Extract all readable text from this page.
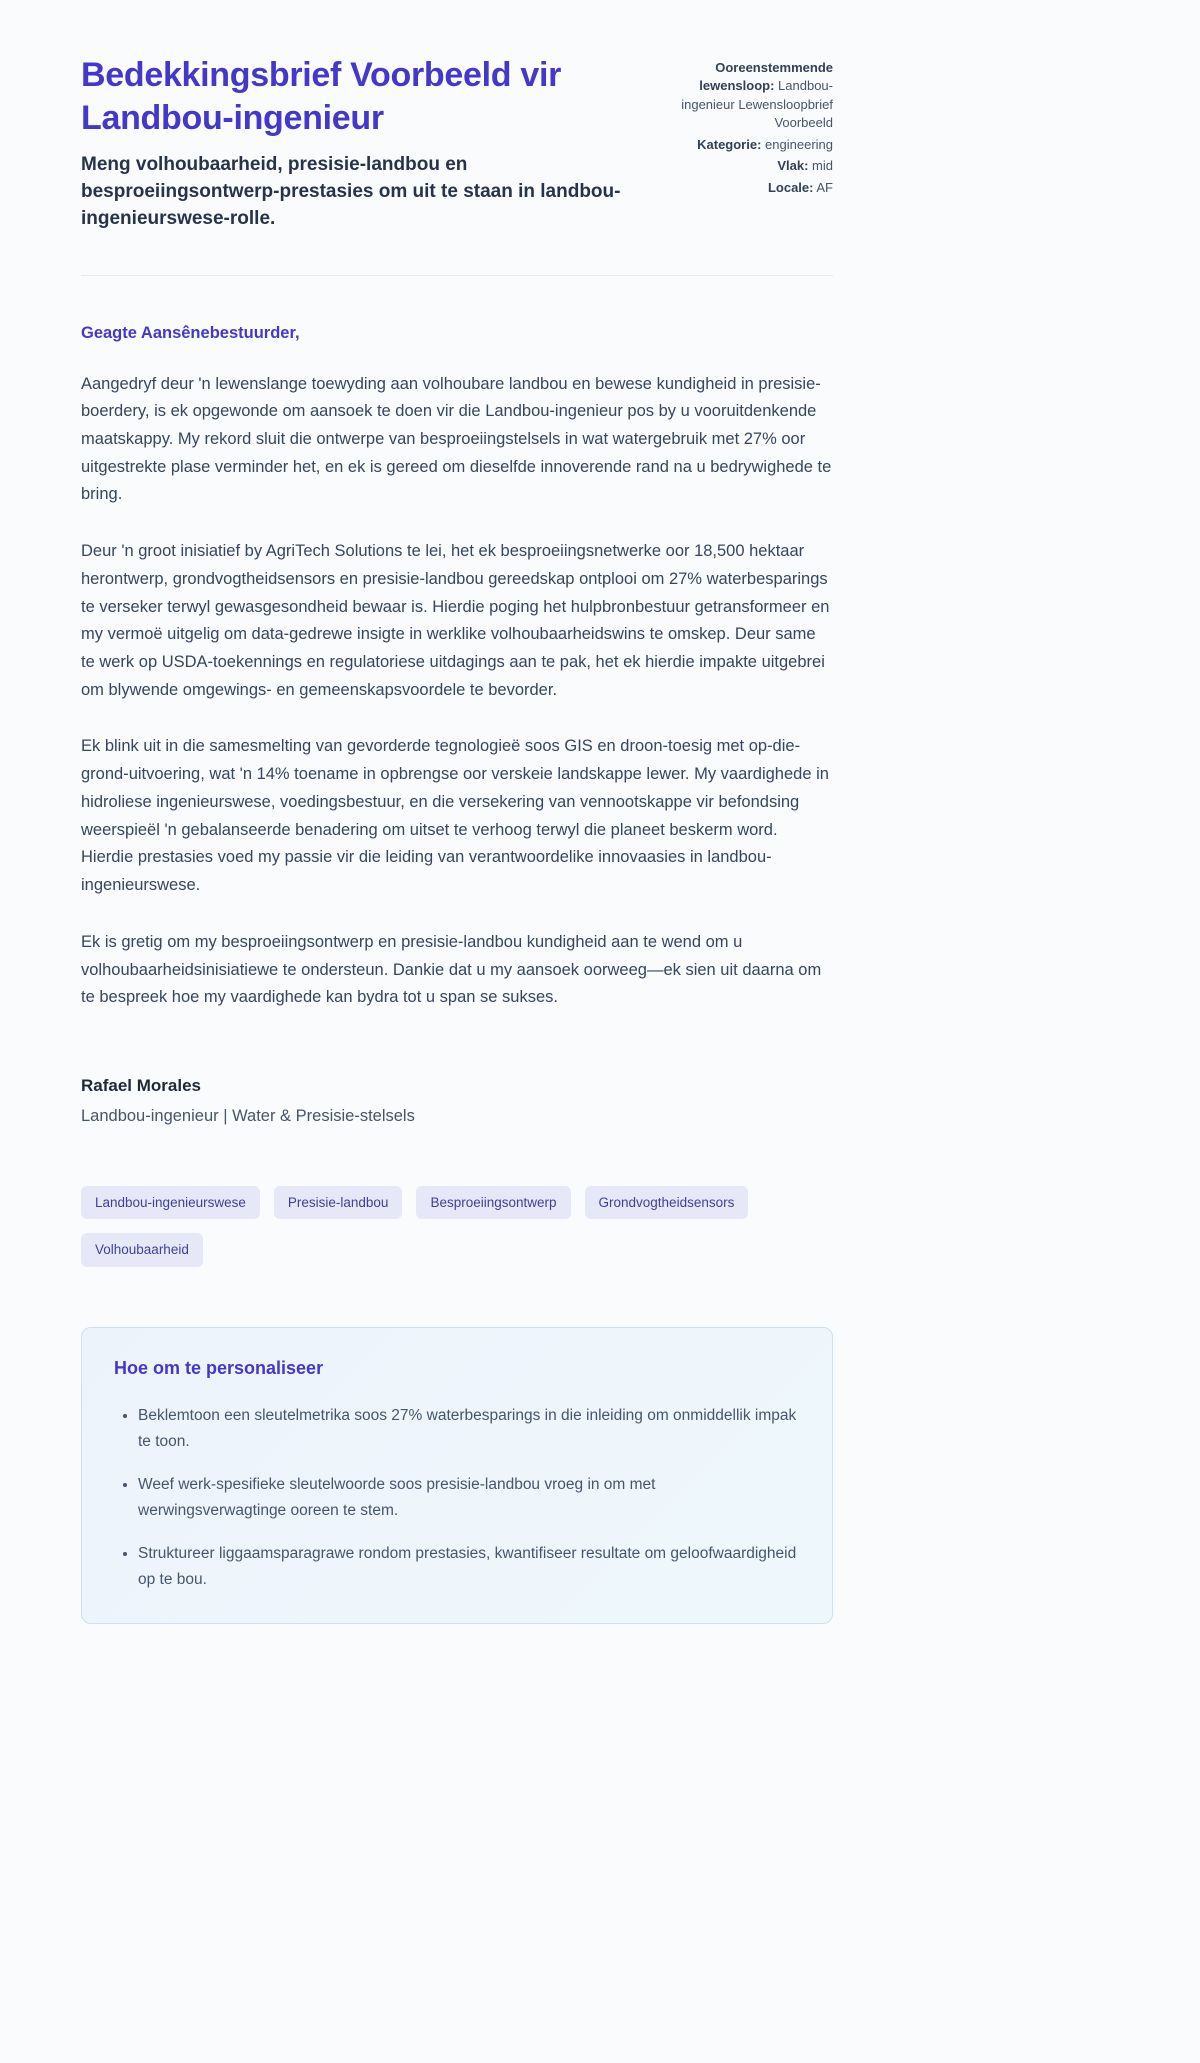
Bedekkingsbrief Voorbeeld vir Landbou-ingenieur
Meng volhoubaarheid, presisie-landbou en besproeiingsontwerp-prestasies om uit te staan in landbou-ingenieurswese-rolle.

Ooreenstemmende lewensloop: Landbou-ingenieur Lewensloopbrief Voorbeeld

Kategorie: engineering

Vlak: mid

Locale: AF

Geagte Aansênebestuurder,

Aangedryf deur 'n lewenslange toewyding aan volhoubare landbou en bewese kundigheid in presisie-boerdery, is ek opgewonde om aansoek te doen vir die Landbou-ingenieur pos by u vooruitdenkende maatskappy. My rekord sluit die ontwerpe van besproeiingstelsels in wat watergebruik met 27% oor uitgestrekte plase verminder het, en ek is gereed om dieselfde innoverende rand na u bedrywighede te bring.

Deur 'n groot inisiatief by AgriTech Solutions te lei, het ek besproeiingsnetwerke oor 18,500 hektaar herontwerp, grondvogtheidsensors en presisie-landbou gereedskap ontplooi om 27% waterbesparings te verseker terwyl gewasgesondheid bewaar is. Hierdie poging het hulpbronbestuur getransformeer en my vermoë uitgelig om data-gedrewe insigte in werklike volhoubaarheidswins te omskep. Deur same te werk op USDA-toekennings en regulatoriese uitdagings aan te pak, het ek hierdie impakte uitgebrei om blywende omgewings- en gemeenskapsvoordele te bevorder.

Ek blink uit in die samesmelting van gevorderde tegnologieë soos GIS en droon-toesig met op-die-grond-uitvoering, wat 'n 14% toename in opbrengse oor verskeie landskappe lewer. My vaardighede in hidroliese ingenieurswese, voedingsbestuur, en die versekering van vennootskappe vir befondsing weerspieël 'n gebalanseerde benadering om uitset te verhoog terwyl die planeet beskerm word. Hierdie prestasies voed my passie vir die leiding van verantwoordelike innovaasies in landbou-ingenieurswese.

Ek is gretig om my besproeiingsontwerp en presisie-landbou kundigheid aan te wend om u volhoubaarheidsinisiatiewe te ondersteun. Dankie dat u my aansoek oorweeg—ek sien uit daarna om te bespreek hoe my vaardighede kan bydra tot u span se sukses.

Rafael Morales

Landbou-ingenieur | Water & Presisie-stelsels

Landbou-ingenieurswese	Presisie-landbou	Besproeiingsontwerp	Grondvogtheidsensors
Volhoubaarheid
Hoe om te personaliseer
• Beklemtoon een sleutelmetrika soos 27% waterbesparings in die inleiding om onmiddellik impak te toon.
• Weef werk-spesifieke sleutelwoorde soos presisie-landbou vroeg in om met werwingsverwagtinge ooreen te stem.
• Struktureer liggaamsparagrawe rondom prestasies, kwantifiseer resultate om geloofwaardigheid op te bou.
